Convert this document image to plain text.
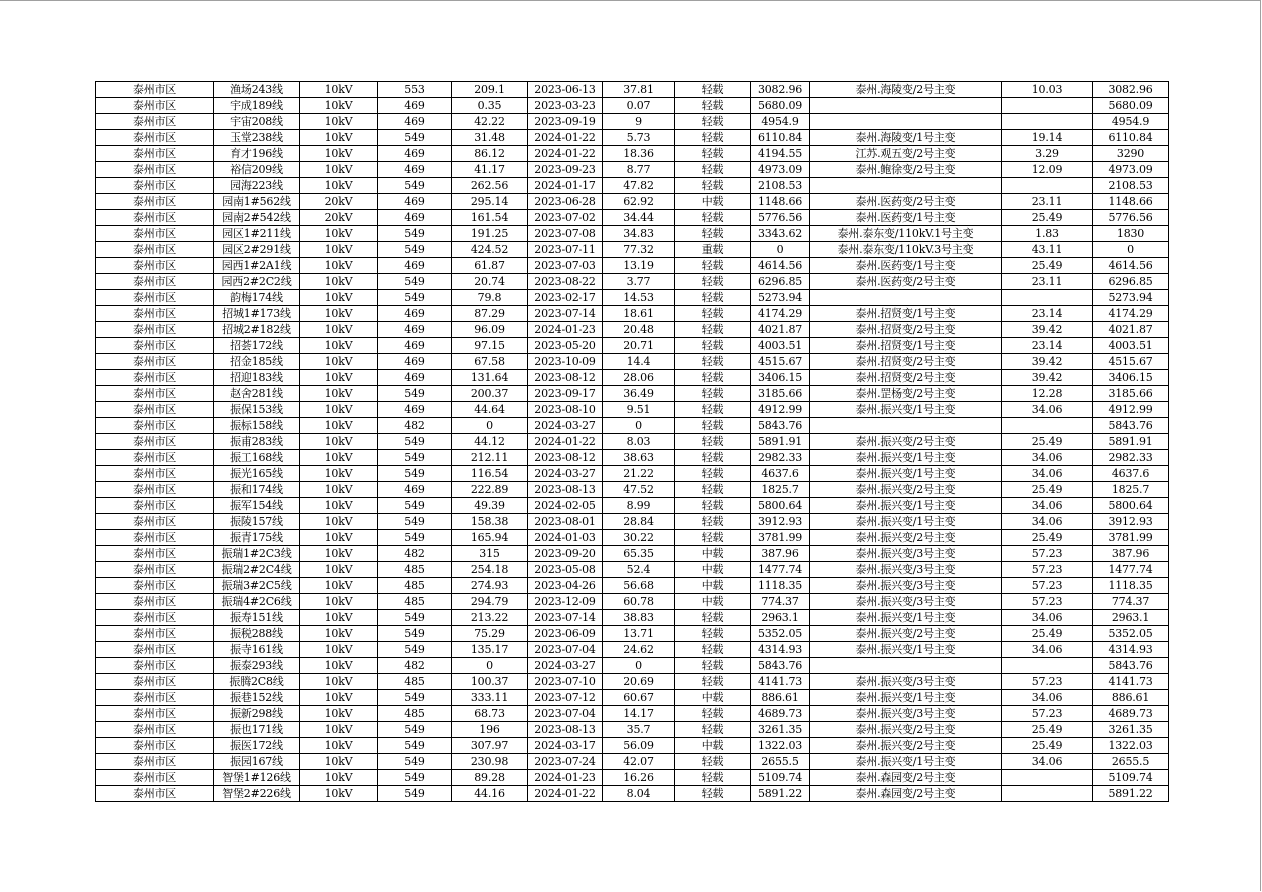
泰州市区	渔场243线	10kV	553	209.1	2023-06-13	37.81	轻载	3082.96	泰州.海陵变/2号主变	10.03	3082.96
泰州市区	宇成189线	10kV	469	0.35	2023-03-23	0.07	轻载	5680.09			5680.09
泰州市区	宇宙208线	10kV	469	42.22	2023-09-19	9	轻载	4954.9			4954.9
泰州市区	玉堂238线	10kV	549	31.48	2024-01-22	5.73	轻载	6110.84	泰州.海陵变/1号主变	19.14	6110.84
泰州市区	育才196线	10kV	469	86.12	2024-01-22	18.36	轻载	4194.55	江苏.观五变/2号主变	3.29	3290
泰州市区	裕信209线	10kV	469	41.17	2023-09-23	8.77	轻载	4973.09	泰州.鲍徐变/2号主变	12.09	4973.09
泰州市区	园海223线	10kV	549	262.56	2024-01-17	47.82	轻载	2108.53			2108.53
泰州市区	园南1#562线	20kV	469	295.14	2023-06-28	62.92	中载	1148.66	泰州.医药变/2号主变	23.11	1148.66
泰州市区	园南2#542线	20kV	469	161.54	2023-07-02	34.44	轻载	5776.56	泰州.医药变/1号主变	25.49	5776.56
泰州市区	园区1#211线	10kV	549	191.25	2023-07-08	34.83	轻载	3343.62	泰州.泰东变/110kV.1号主变	1.83	1830
泰州市区	园区2#291线	10kV	549	424.52	2023-07-11	77.32	重载	0	泰州.泰东变/110kV.3号主变	43.11	0
泰州市区	园西1#2A1线	10kV	469	61.87	2023-07-03	13.19	轻载	4614.56	泰州.医药变/1号主变	25.49	4614.56
泰州市区	园西2#2C2线	10kV	549	20.74	2023-08-22	3.77	轻载	6296.85	泰州.医药变/2号主变	23.11	6296.85
泰州市区	韵梅174线	10kV	549	79.8	2023-02-17	14.53	轻载	5273.94			5273.94
泰州市区	招城1#173线	10kV	469	87.29	2023-07-14	18.61	轻载	4174.29	泰州.招贤变/1号主变	23.14	4174.29
泰州市区	招城2#182线	10kV	469	96.09	2024-01-23	20.48	轻载	4021.87	泰州.招贤变/2号主变	39.42	4021.87
泰州市区	招荟172线	10kV	469	97.15	2023-05-20	20.71	轻载	4003.51	泰州.招贤变/1号主变	23.14	4003.51
泰州市区	招金185线	10kV	469	67.58	2023-10-09	14.4	轻载	4515.67	泰州.招贤变/2号主变	39.42	4515.67
泰州市区	招迎183线	10kV	469	131.64	2023-08-12	28.06	轻载	3406.15	泰州.招贤变/2号主变	39.42	3406.15
泰州市区	赵舍281线	10kV	549	200.37	2023-09-17	36.49	轻载	3185.66	泰州.罡杨变/2号主变	12.28	3185.66
泰州市区	振保153线	10kV	469	44.64	2023-08-10	9.51	轻载	4912.99	泰州.振兴变/1号主变	34.06	4912.99
泰州市区	振标158线	10kV	482	0	2024-03-27	0	轻载	5843.76			5843.76
泰州市区	振甫283线	10kV	549	44.12	2024-01-22	8.03	轻载	5891.91	泰州.振兴变/2号主变	25.49	5891.91
泰州市区	振工168线	10kV	549	212.11	2023-08-12	38.63	轻载	2982.33	泰州.振兴变/1号主变	34.06	2982.33
泰州市区	振光165线	10kV	549	116.54	2024-03-27	21.22	轻载	4637.6	泰州.振兴变/1号主变	34.06	4637.6
泰州市区	振和174线	10kV	469	222.89	2023-08-13	47.52	轻载	1825.7	泰州.振兴变/2号主变	25.49	1825.7
泰州市区	振军154线	10kV	549	49.39	2024-02-05	8.99	轻载	5800.64	泰州.振兴变/1号主变	34.06	5800.64
泰州市区	振陵157线	10kV	549	158.38	2023-08-01	28.84	轻载	3912.93	泰州.振兴变/1号主变	34.06	3912.93
泰州市区	振青175线	10kV	549	165.94	2024-01-03	30.22	轻载	3781.99	泰州.振兴变/2号主变	25.49	3781.99
泰州市区	振瑞1#2C3线	10kV	482	315	2023-09-20	65.35	中载	387.96	泰州.振兴变/3号主变	57.23	387.96
泰州市区	振瑞2#2C4线	10kV	485	254.18	2023-05-08	52.4	中载	1477.74	泰州.振兴变/3号主变	57.23	1477.74
泰州市区	振瑞3#2C5线	10kV	485	274.93	2023-04-26	56.68	中载	1118.35	泰州.振兴变/3号主变	57.23	1118.35
泰州市区	振瑞4#2C6线	10kV	485	294.79	2023-12-09	60.78	中载	774.37	泰州.振兴变/3号主变	57.23	774.37
泰州市区	振寿151线	10kV	549	213.22	2023-07-14	38.83	轻载	2963.1	泰州.振兴变/1号主变	34.06	2963.1
泰州市区	振税288线	10kV	549	75.29	2023-06-09	13.71	轻载	5352.05	泰州.振兴变/2号主变	25.49	5352.05
泰州市区	振寺161线	10kV	549	135.17	2023-07-04	24.62	轻载	4314.93	泰州.振兴变/1号主变	34.06	4314.93
泰州市区	振泰293线	10kV	482	0	2024-03-27	0	轻载	5843.76			5843.76
泰州市区	振腾2C8线	10kV	485	100.37	2023-07-10	20.69	轻载	4141.73	泰州.振兴变/3号主变	57.23	4141.73
泰州市区	振巷152线	10kV	549	333.11	2023-07-12	60.67	中载	886.61	泰州.振兴变/1号主变	34.06	886.61
泰州市区	振新298线	10kV	485	68.73	2023-07-04	14.17	轻载	4689.73	泰州.振兴变/3号主变	57.23	4689.73
泰州市区	振也171线	10kV	549	196	2023-08-13	35.7	轻载	3261.35	泰州.振兴变/2号主变	25.49	3261.35
泰州市区	振医172线	10kV	549	307.97	2024-03-17	56.09	中载	1322.03	泰州.振兴变/2号主变	25.49	1322.03
泰州市区	振园167线	10kV	549	230.98	2023-07-24	42.07	轻载	2655.5	泰州.振兴变/1号主变	34.06	2655.5
泰州市区	智堡1#126线	10kV	549	89.28	2024-01-23	16.26	轻载	5109.74	泰州.森园变/2号主变		5109.74
泰州市区	智堡2#226线	10kV	549	44.16	2024-01-22	8.04	轻载	5891.22	泰州.森园变/2号主变		5891.22
